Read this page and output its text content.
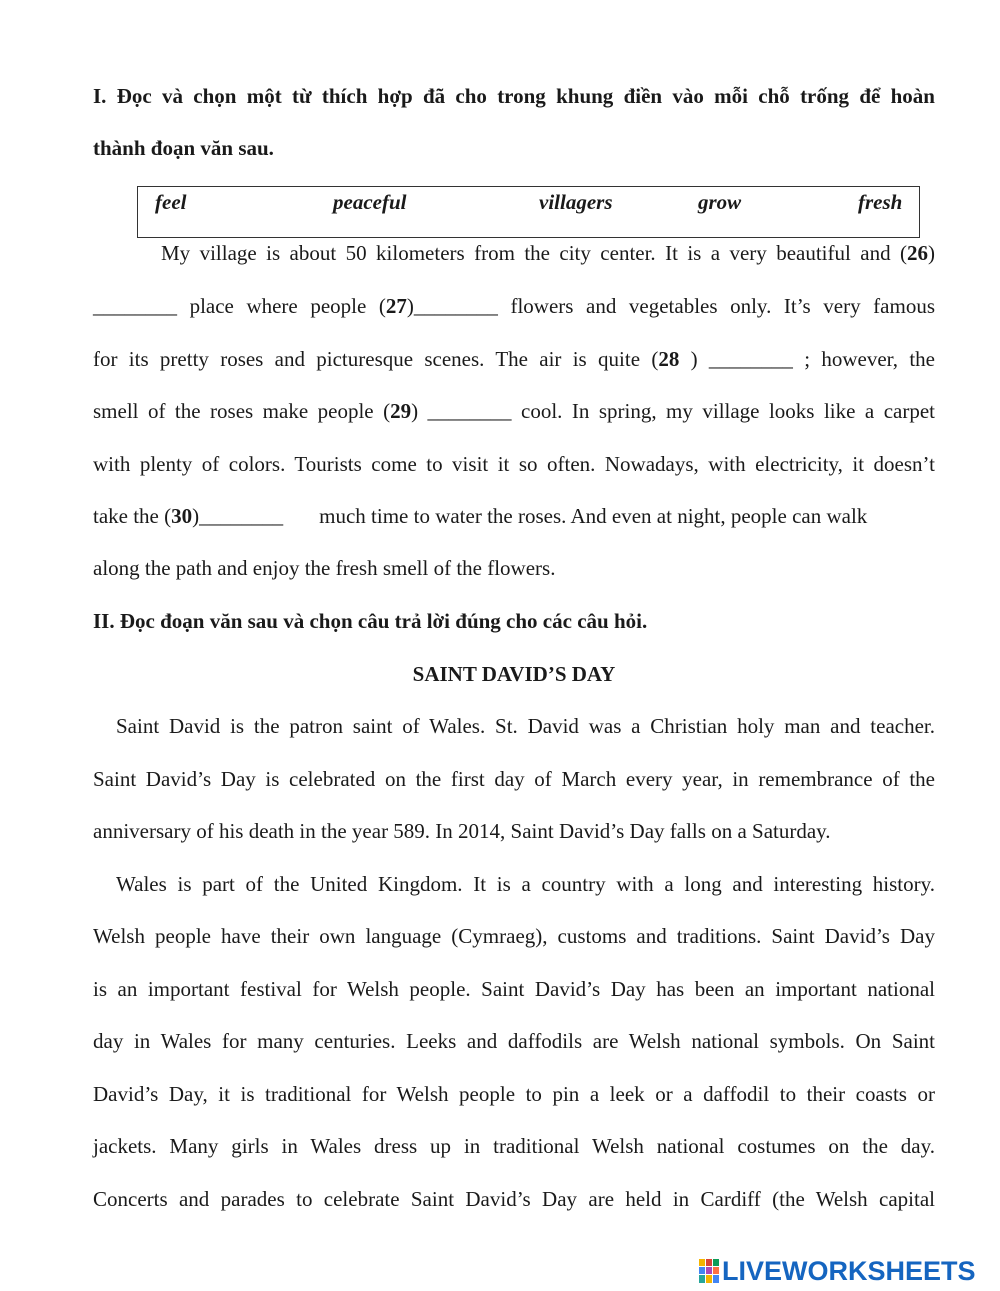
I. Đọc và chọn một từ thích hợp đã cho trong khung điền vào mỗi chỗ trống để hoàn
thành đoạn văn sau.
feel	peaceful	villagers	grow	fresh
My village is about 50 kilometers from the city center. It is a very beautiful and (26)
________ place where people (27)________ flowers and vegetables only. It’s very famous
for its pretty roses and picturesque scenes. The air is quite (28 ) ________ ; however, the
smell of the roses make people (29) ________ cool. In spring, my village looks like a carpet
with plenty of colors. Tourists come to visit it so often. Nowadays, with electricity, it doesn’t
take the (30)________ much time to water the roses. And even at night, people can walk
along the path and enjoy the fresh smell of the flowers.
II. Đọc đoạn văn sau và chọn câu trả lời đúng cho các câu hỏi.
SAINT DAVID’S DAY
Saint David is the patron saint of Wales. St. David was a Christian holy man and teacher.
Saint David’s Day is celebrated on the first day of March every year, in remembrance of the
anniversary of his death in the year 589. In 2014, Saint David’s Day falls on a Saturday.
Wales is part of the United Kingdom. It is a country with a long and interesting history.
Welsh people have their own language (Cymraeg), customs and traditions. Saint David’s Day
is an important festival for Welsh people. Saint David’s Day has been an important national
day in Wales for many centuries. Leeks and daffodils are Welsh national symbols. On Saint
David’s Day, it is traditional for Welsh people to pin a leek or a daffodil to their coasts or
jackets. Many girls in Wales dress up in traditional Welsh national costumes on the day.
Concerts and parades to celebrate Saint David’s Day are held in Cardiff (the Welsh capital
LIVEWORKSHEETS
